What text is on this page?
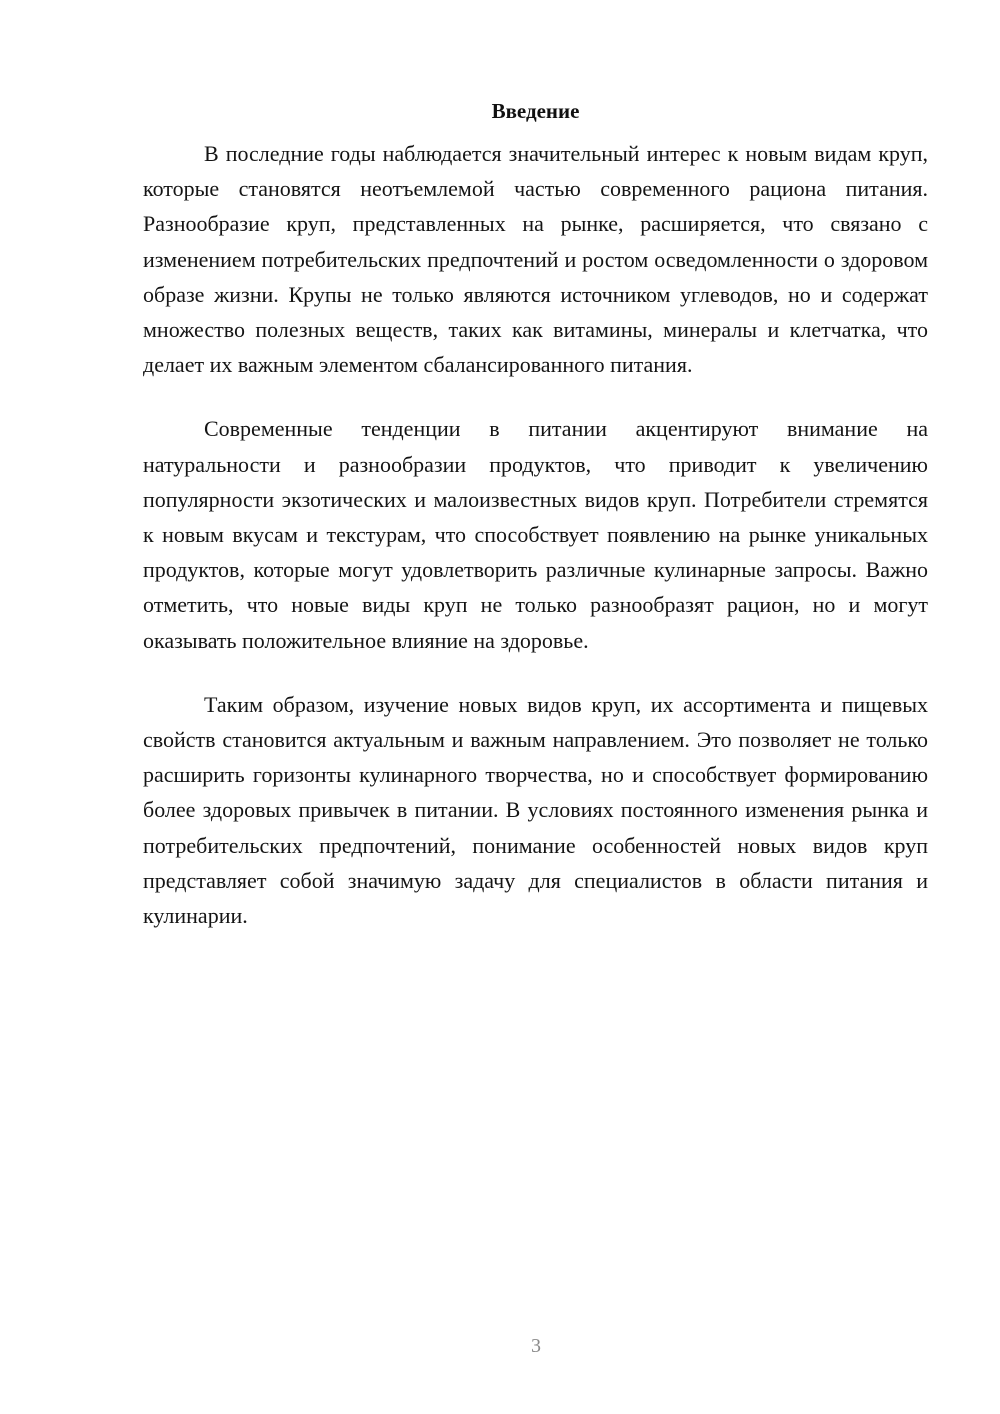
Введение

В последние годы наблюдается значительный интерес к новым видам круп, которые становятся неотъемлемой частью современного рациона питания. Разнообразие круп, представленных на рынке, расширяется, что связано с изменением потребительских предпочтений и ростом осведомленности о здоровом образе жизни. Крупы не только являются источником углеводов, но и содержат множество полезных веществ, таких как витамины, минералы и клетчатка, что делает их важным элементом сбалансированного питания.

Современные тенденции в питании акцентируют внимание на натуральности и разнообразии продуктов, что приводит к увеличению популярности экзотических и малоизвестных видов круп. Потребители стремятся к новым вкусам и текстурам, что способствует появлению на рынке уникальных продуктов, которые могут удовлетворить различные кулинарные запросы. Важно отметить, что новые виды круп не только разнообразят рацион, но и могут оказывать положительное влияние на здоровье.

Таким образом, изучение новых видов круп, их ассортимента и пищевых свойств становится актуальным и важным направлением. Это позволяет не только расширить горизонты кулинарного творчества, но и способствует формированию более здоровых привычек в питании. В условиях постоянного изменения рынка и потребительских предпочтений, понимание особенностей новых видов круп представляет собой значимую задачу для специалистов в области питания и кулинарии.

3
